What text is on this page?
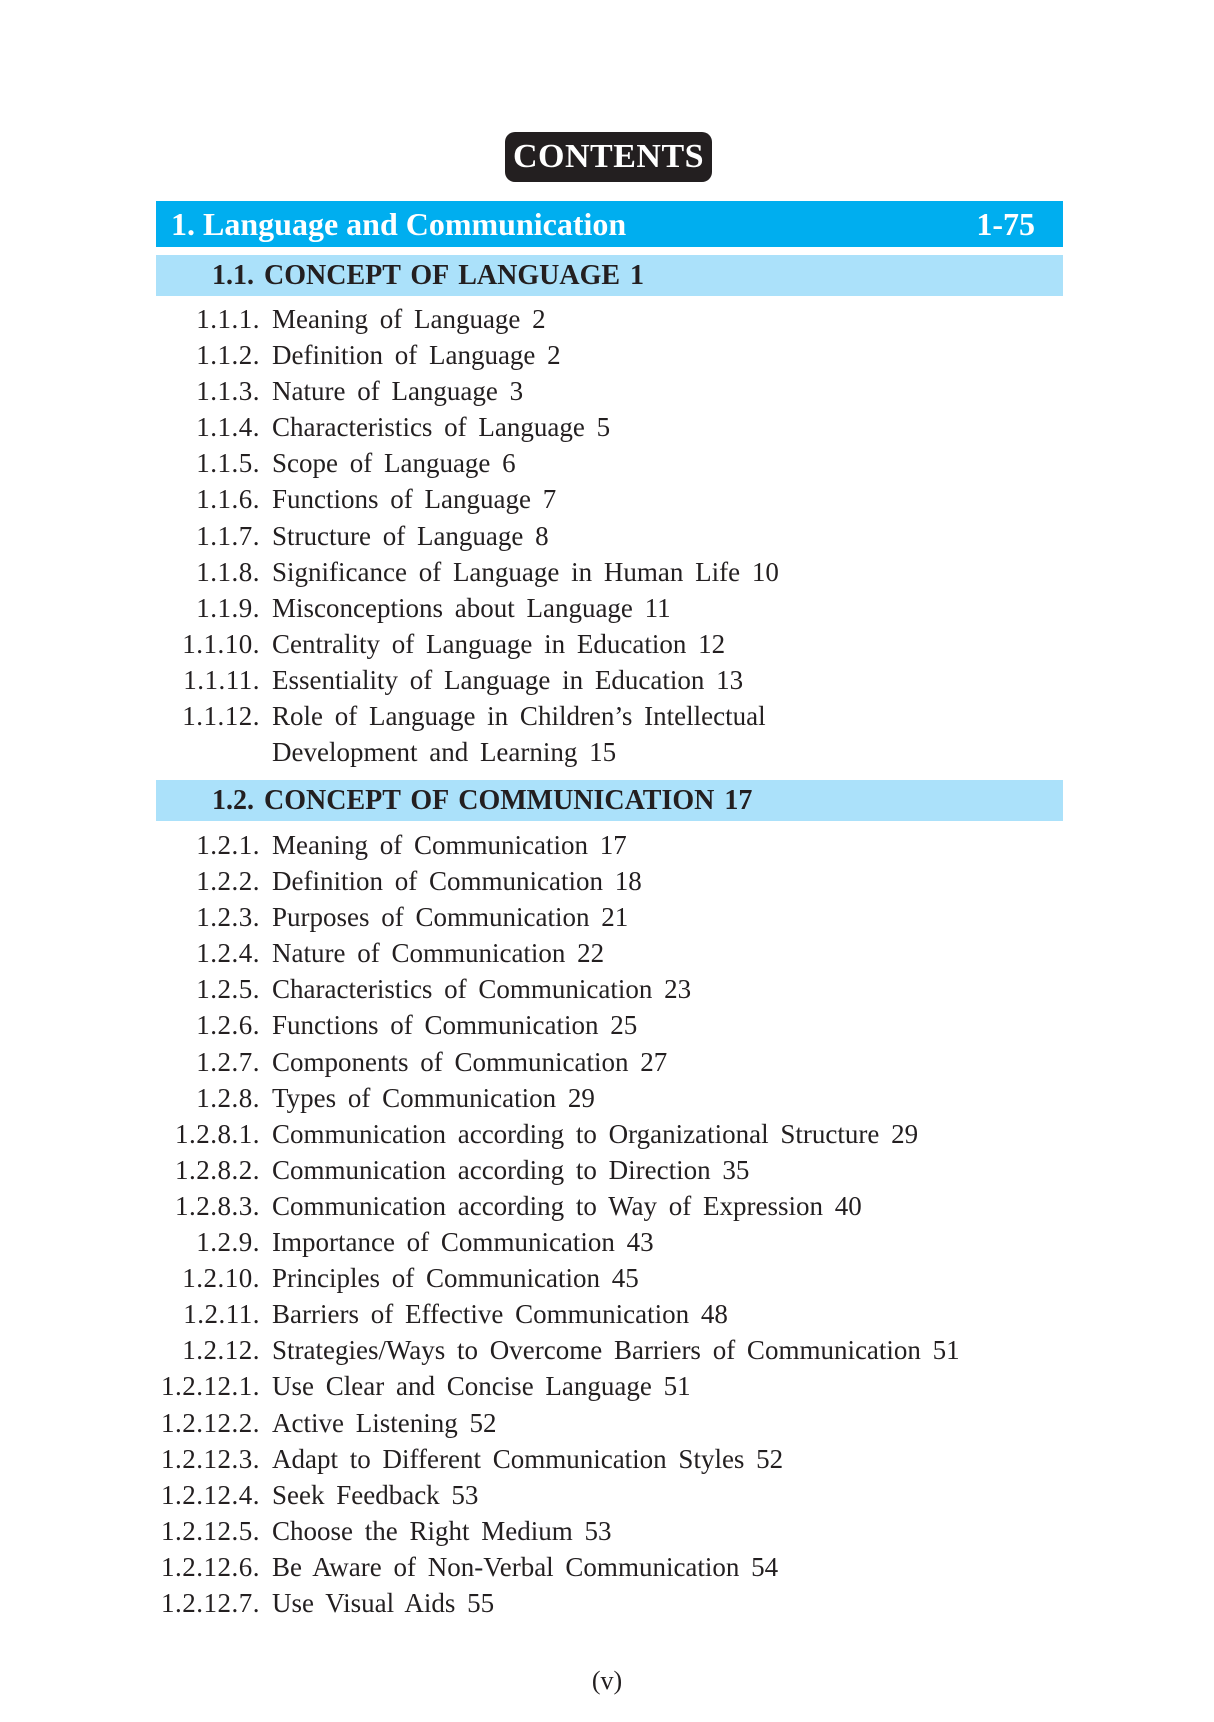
CONTENTS
1. Language and Communication	1-75
1.1. CONCEPT OF LANGUAGE 1
1.1.1. Meaning of Language 2
1.1.2. Definition of Language 2
1.1.3. Nature of Language 3
1.1.4. Characteristics of Language 5
1.1.5. Scope of Language 6
1.1.6. Functions of Language 7
1.1.7. Structure of Language 8
1.1.8. Significance of Language in Human Life 10
1.1.9. Misconceptions about Language 11
1.1.10. Centrality of Language in Education 12
1.1.11. Essentiality of Language in Education 13
1.1.12. Role of Language in Children’s Intellectual
Development and Learning 15
1.2. CONCEPT OF COMMUNICATION 17
1.2.1. Meaning of Communication 17
1.2.2. Definition of Communication 18
1.2.3. Purposes of Communication 21
1.2.4. Nature of Communication 22
1.2.5. Characteristics of Communication 23
1.2.6. Functions of Communication 25
1.2.7. Components of Communication 27
1.2.8. Types of Communication 29
1.2.8.1. Communication according to Organizational Structure 29
1.2.8.2. Communication according to Direction 35
1.2.8.3. Communication according to Way of Expression 40
1.2.9. Importance of Communication 43
1.2.10. Principles of Communication 45
1.2.11. Barriers of Effective Communication 48
1.2.12. Strategies/Ways to Overcome Barriers of Communication 51
1.2.12.1. Use Clear and Concise Language 51
1.2.12.2. Active Listening 52
1.2.12.3. Adapt to Different Communication Styles 52
1.2.12.4. Seek Feedback 53
1.2.12.5. Choose the Right Medium 53
1.2.12.6. Be Aware of Non-Verbal Communication 54
1.2.12.7. Use Visual Aids 55
(v)
